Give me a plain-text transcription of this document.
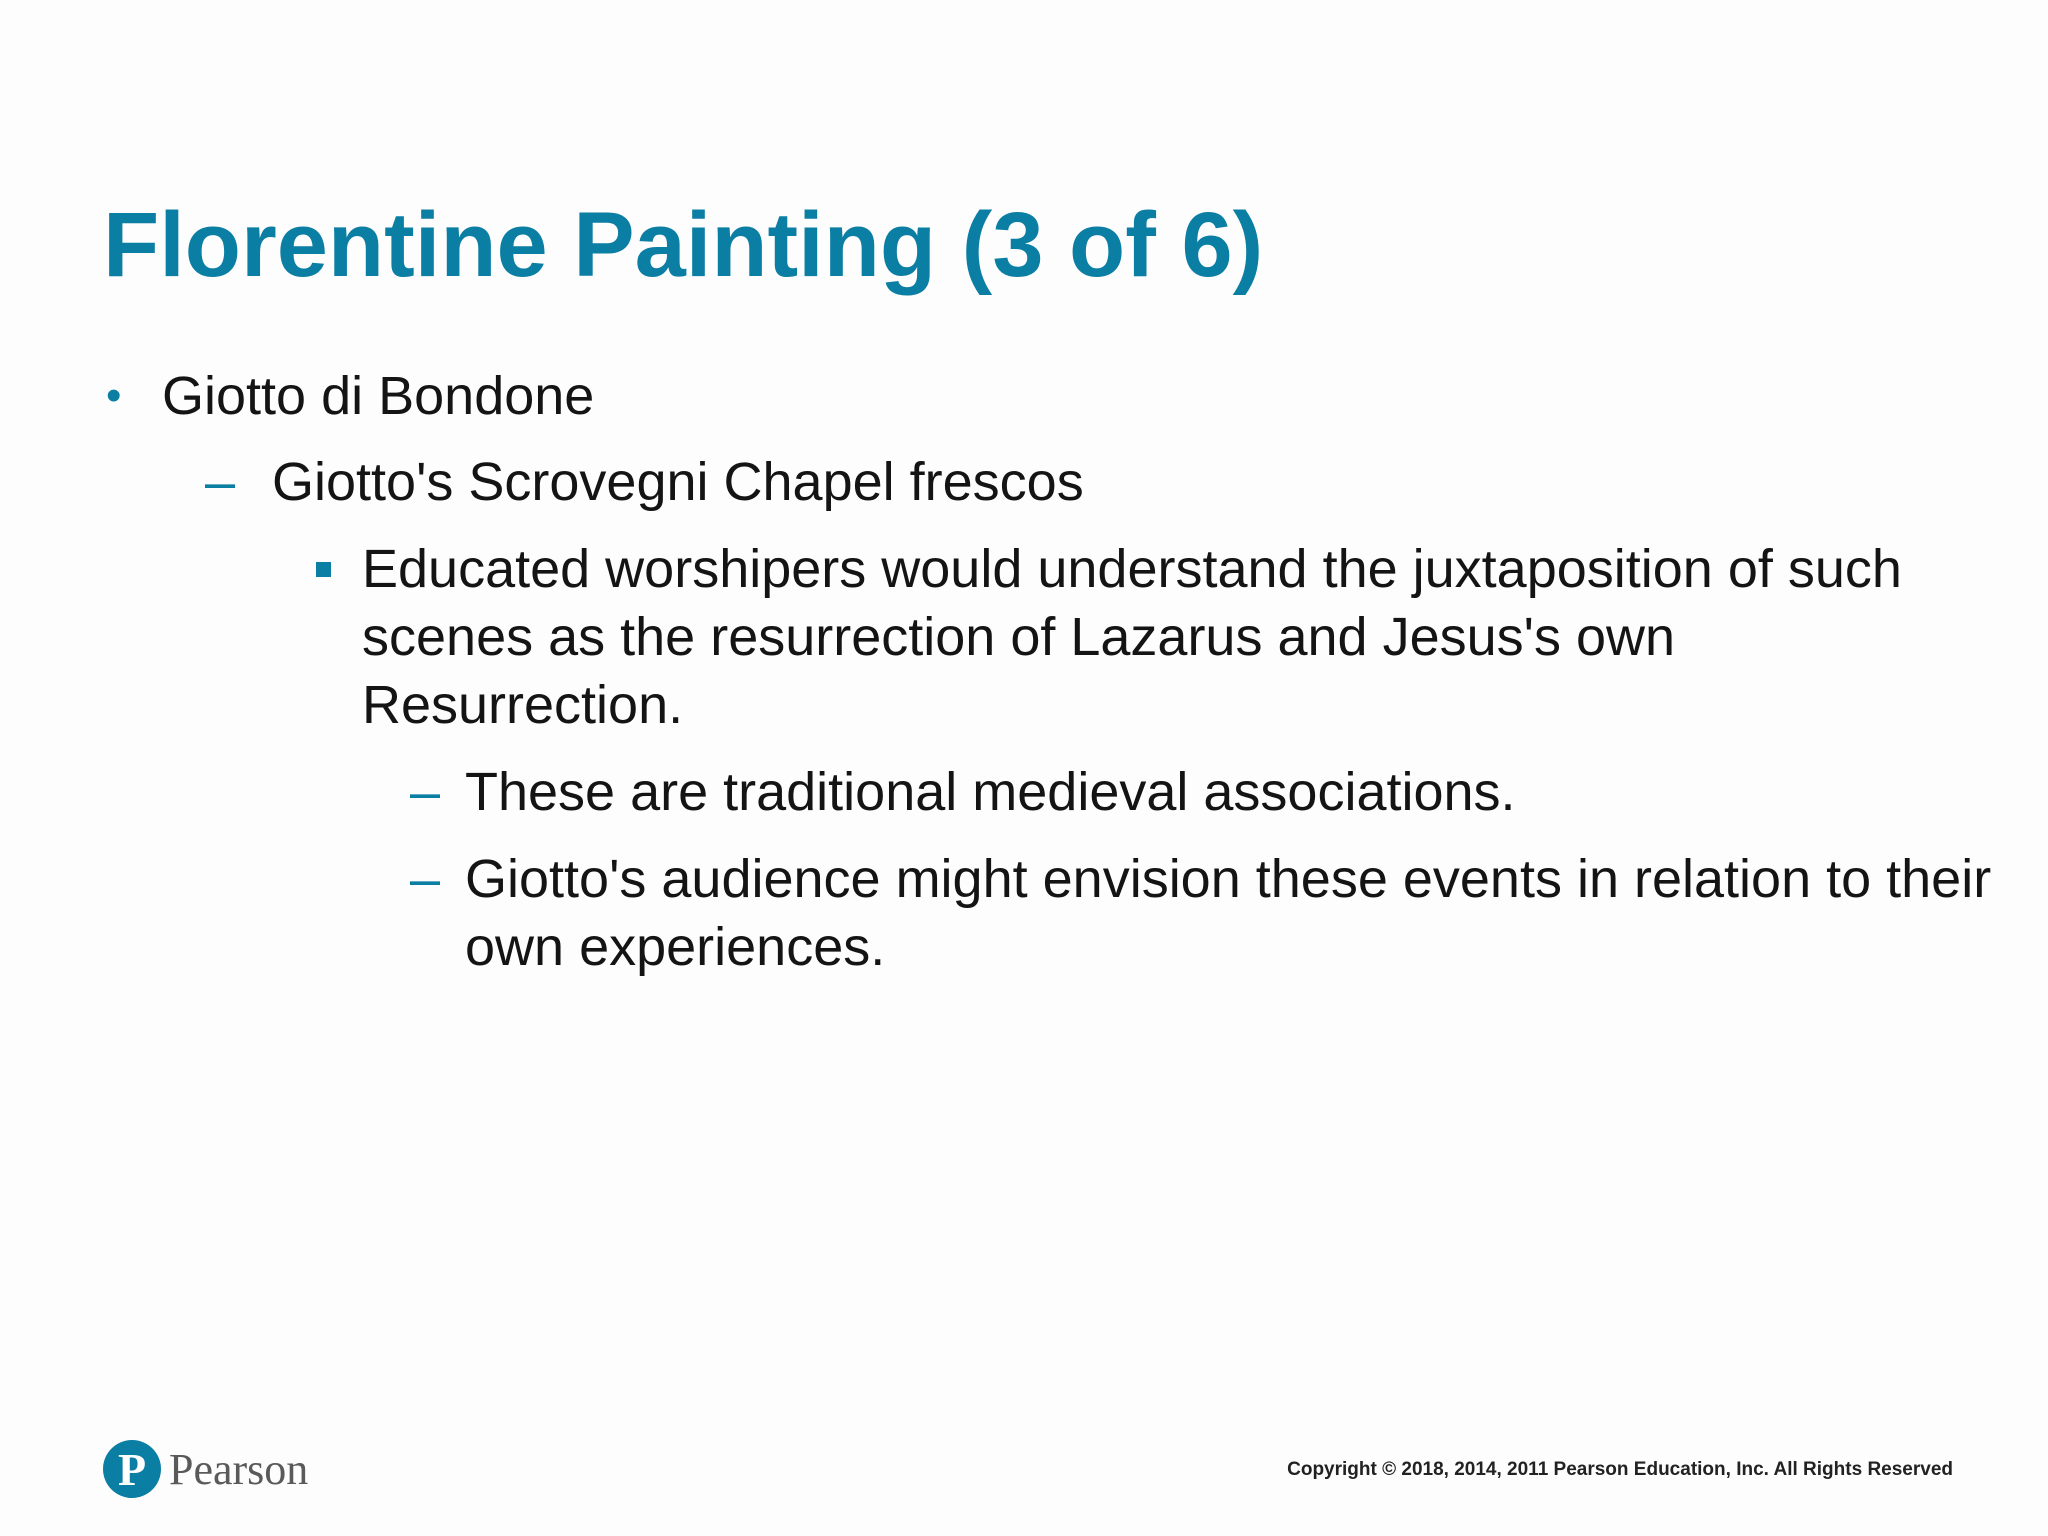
Florentine Painting (3 of 6)
• Giotto di Bondone
– Giotto's Scrovegni Chapel frescos
Educated worshipers would understand the juxtaposition of such scenes as the resurrection of Lazarus and Jesus's own Resurrection.
– These are traditional medieval associations.
– Giotto's audience might envision these events in relation to their own experiences.
P Pearson	Copyright © 2018, 2014, 2011 Pearson Education, Inc. All Rights Reserved
